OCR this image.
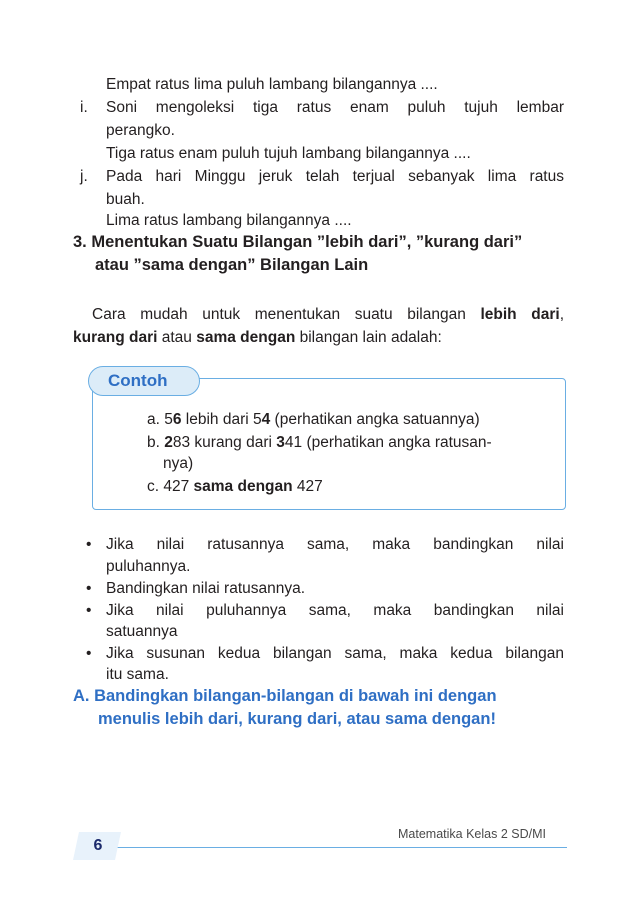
Empat ratus lima puluh lambang bilangannya ....
i. Soni mengoleksi tiga ratus enam puluh tujuh lembar
perangko.
Tiga ratus enam puluh tujuh lambang bilangannya ....
j. Pada hari Minggu jeruk telah terjual sebanyak lima ratus
buah.
Lima ratus lambang bilangannya ....
3. Menentukan Suatu Bilangan ”lebih dari”, ”kurang dari”
atau ”sama dengan” Bilangan Lain
Cara mudah untuk menentukan suatu bilangan lebih dari,
kurang dari atau sama dengan bilangan lain adalah:
Contoh
a. 56 lebih dari 54 (perhatikan angka satuannya)
b. 283 kurang dari 341 (perhatikan angka ratusan-
nya)
c. 427 sama dengan 427
• Jika nilai ratusannya sama, maka bandingkan nilai
puluhannya.
• Bandingkan nilai ratusannya.
• Jika nilai puluhannya sama, maka bandingkan nilai
satuannya
• Jika susunan kedua bilangan sama, maka kedua bilangan
itu sama.
A. Bandingkan bilangan-bilangan di bawah ini dengan
menulis lebih dari, kurang dari, atau sama dengan!
Matematika Kelas 2 SD/MI
6
